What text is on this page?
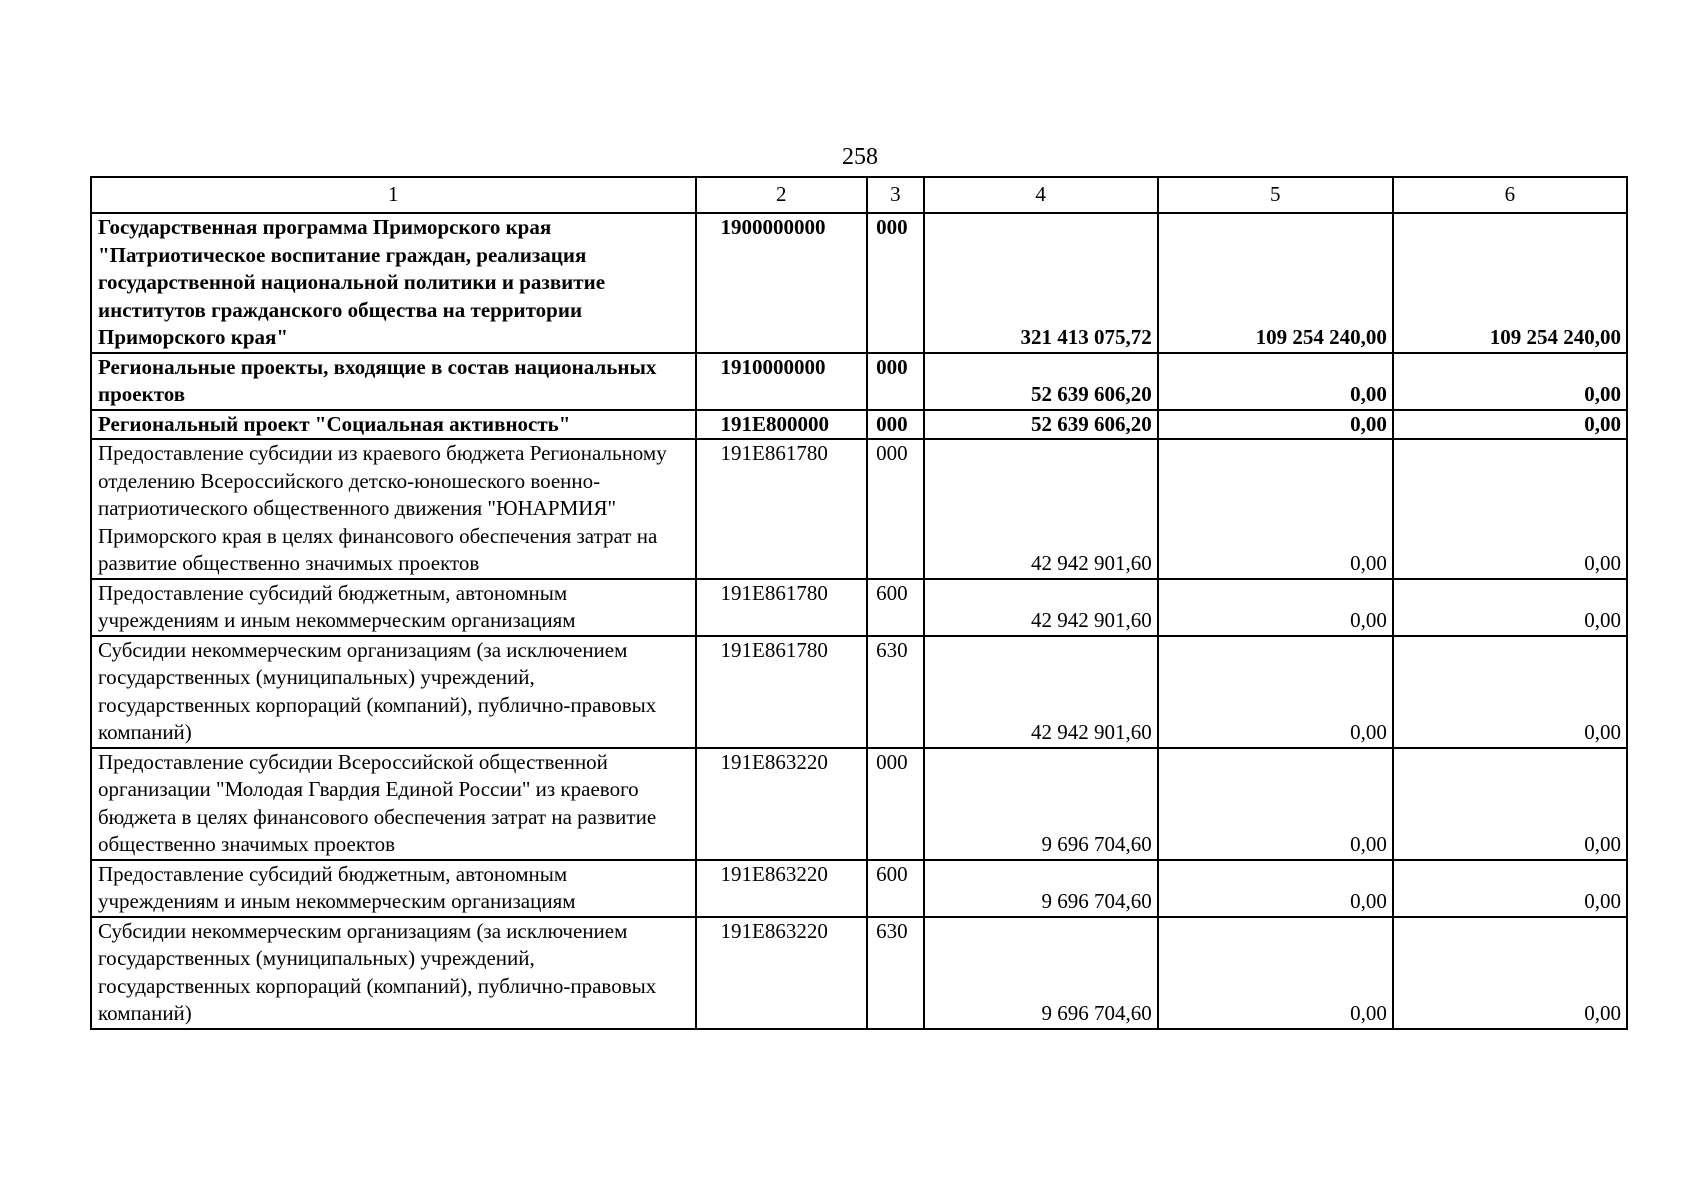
258
1	2	3	4	5	6
Государственная программа Приморского края "Патриотическое воспитание граждан, реализация государственной национальной политики и развитие институтов гражданского общества на территории Приморского края"	1900000000	000	321 413 075,72	109 254 240,00	109 254 240,00
Региональные проекты, входящие в состав национальных проектов	1910000000	000	52 639 606,20	0,00	0,00
Региональный проект "Социальная активность"	191E800000	000	52 639 606,20	0,00	0,00
Предоставление субсидии из краевого бюджета Региональному отделению Всероссийского детско-юношеского военно-патриотического общественного движения "ЮНАРМИЯ" Приморского края в целях финансового обеспечения затрат на развитие общественно значимых проектов	191E861780	000	42 942 901,60	0,00	0,00
Предоставление субсидий бюджетным, автономным учреждениям и иным некоммерческим организациям	191E861780	600	42 942 901,60	0,00	0,00
Субсидии некоммерческим организациям (за исключением государственных (муниципальных) учреждений, государственных корпораций (компаний), публично-правовых компаний)	191E861780	630	42 942 901,60	0,00	0,00
Предоставление субсидии Всероссийской общественной организации "Молодая Гвардия Единой России" из краевого бюджета в целях финансового обеспечения затрат на развитие общественно значимых проектов	191E863220	000	9 696 704,60	0,00	0,00
Предоставление субсидий бюджетным, автономным учреждениям и иным некоммерческим организациям	191E863220	600	9 696 704,60	0,00	0,00
Субсидии некоммерческим организациям (за исключением государственных (муниципальных) учреждений, государственных корпораций (компаний), публично-правовых компаний)	191E863220	630	9 696 704,60	0,00	0,00
